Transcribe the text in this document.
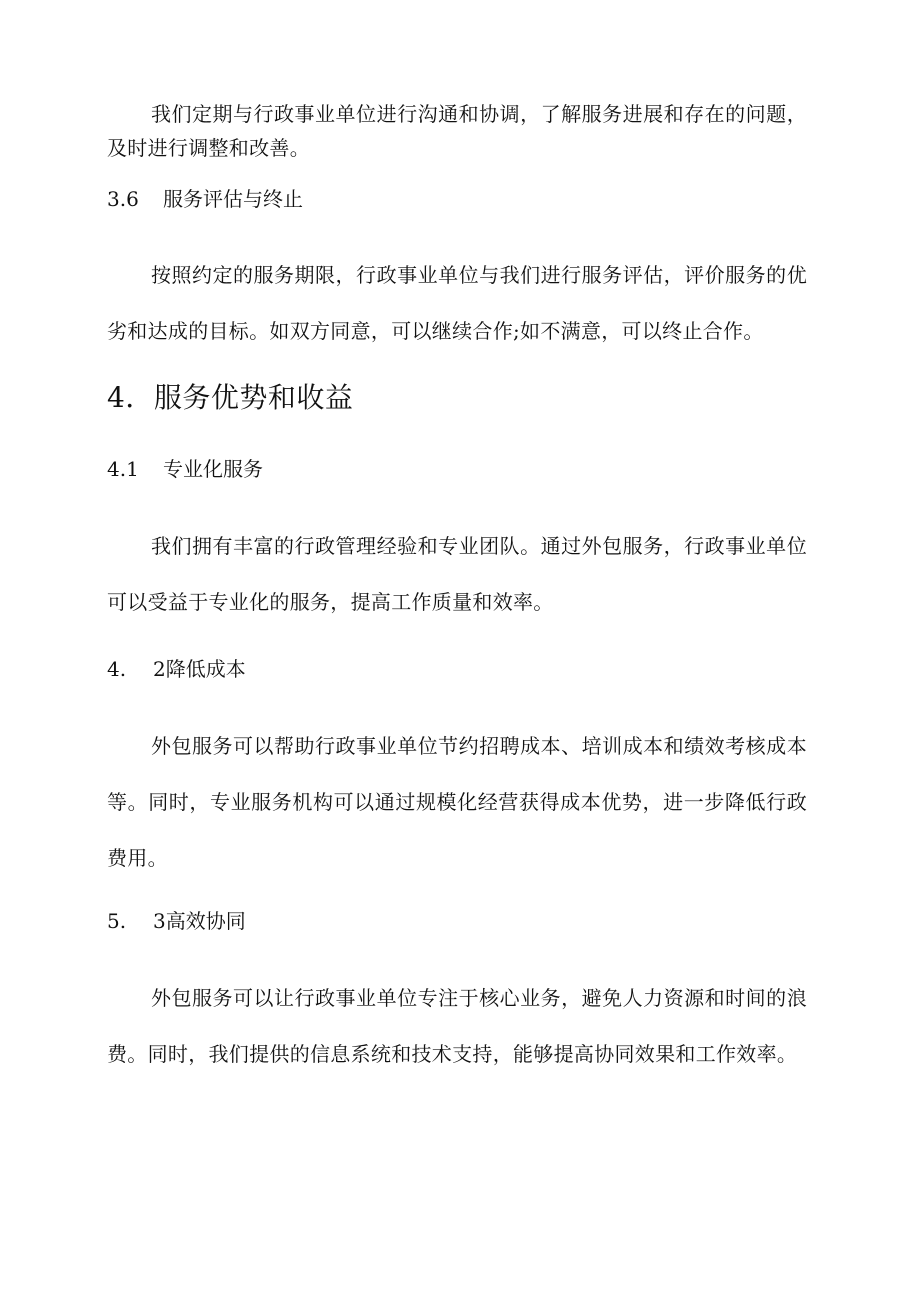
我们定期与行政事业单位进行沟通和协调，了解服务进展和存在的问题，及时进行调整和改善。

3.6 服务评估与终止

按照约定的服务期限，行政事业单位与我们进行服务评估，评价服务的优劣和达成的目标。如双方同意，可以继续合作;如不满意，可以终止合作。

4．服务优势和收益
4.1 专业化服务

我们拥有丰富的行政管理经验和专业团队。通过外包服务，行政事业单位可以受益于专业化的服务，提高工作质量和效率。

4. 2降低成本

外包服务可以帮助行政事业单位节约招聘成本、培训成本和绩效考核成本等。同时，专业服务机构可以通过规模化经营获得成本优势，进一步降低行政费用。

5. 3高效协同

外包服务可以让行政事业单位专注于核心业务，避免人力资源和时间的浪费。同时，我们提供的信息系统和技术支持，能够提高协同效果和工作效率。
